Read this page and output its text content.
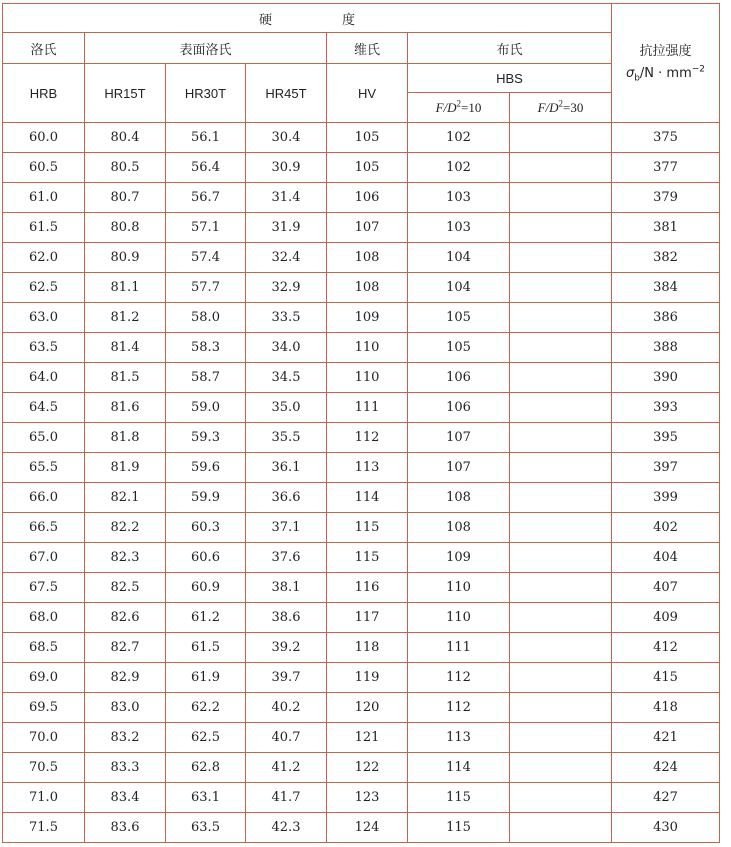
硬 度							抗拉强度
$\sigma_b/N \cdot mm^{-2}$

洛氏	表面洛氏			维氏	布氏		
HRB	HR15T	HR30T	HR45T	HV	HBS		
					$F/D^2=10$	$F/D^2=30$	
60.0	80.4	56.1	30.4	105	102		375
60.5	80.5	56.4	30.9	105	102		377
61.0	80.7	56.7	31.4	106	103		379
61.5	80.8	57.1	31.9	107	103		381
62.0	80.9	57.4	32.4	108	104		382
62.5	81.1	57.7	32.9	108	104		384
63.0	81.2	58.0	33.5	109	105		386
63.5	81.4	58.3	34.0	110	105		388
64.0	81.5	58.7	34.5	110	106		390
64.5	81.6	59.0	35.0	111	106		393
65.0	81.8	59.3	35.5	112	107		395
65.5	81.9	59.6	36.1	113	107		397
66.0	82.1	59.9	36.6	114	108		399
66.5	82.2	60.3	37.1	115	108		402
67.0	82.3	60.6	37.6	115	109		404
67.5	82.5	60.9	38.1	116	110		407
68.0	82.6	61.2	38.6	117	110		409
68.5	82.7	61.5	39.2	118	111		412
69.0	82.9	61.9	39.7	119	112		415
69.5	83.0	62.2	40.2	120	112		418
70.0	83.2	62.5	40.7	121	113		421
70.5	83.3	62.8	41.2	122	114		424
71.0	83.4	63.1	41.7	123	115		427
71.5	83.6	63.5	42.3	124	115		430
